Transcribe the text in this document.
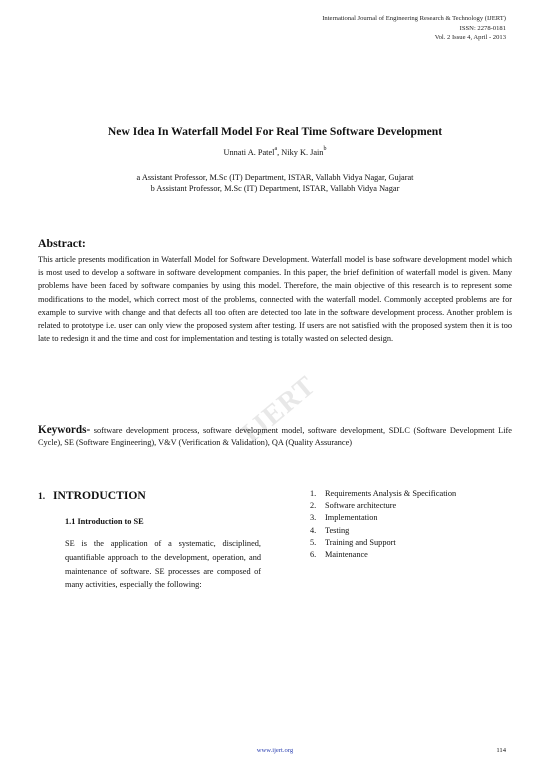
International Journal of Engineering Research & Technology (IJERT)
ISSN: 2278-0181
Vol. 2 Issue 4, April - 2013
New Idea In Waterfall Model For Real Time Software Development
Unnati A. Patel$^a$, Niky K. Jain$^b$
a Assistant Professor, M.Sc (IT) Department, ISTAR, Vallabh Vidya Nagar, Gujarat
b Assistant Professor, M.Sc (IT) Department, ISTAR, Vallabh Vidya Nagar
Abstract:

This article presents modification in Waterfall Model for Software Development. Waterfall model is base software development model which is most used to develop a software in software development companies. In this paper, the brief definition of waterfall model is given. Many problems have been faced by software companies by using this model. Therefore, the main objective of this research is to represent some modifications to the model, which correct most of the problems, connected with the waterfall model. Commonly accepted problems are for example to survive with change and that defects all too often are detected too late in the software development process. Another problem is related to prototype i.e. user can only view the proposed system after testing. If users are not satisfied with the proposed system then it is too late to redesign it and the time and cost for implementation and testing is totally wasted on selected design.

IJERT

Keywords- software development process, software development model, software development, SDLC (Software Development Life Cycle), SE (Software Engineering), V&V (Verification & Validation), QA (Quality Assurance)

1. INTRODUCTION
1.1 Introduction to SE

SE is the application of a systematic, disciplined, quantifiable approach to the development, operation, and maintenance of software. SE processes are composed of many activities, especially the following:

1.	Requirements Analysis & Specification
2.	Software architecture
3.	Implementation
4.	Testing
5.	Training and Support
6.	Maintenance
www.ijert.org	114
